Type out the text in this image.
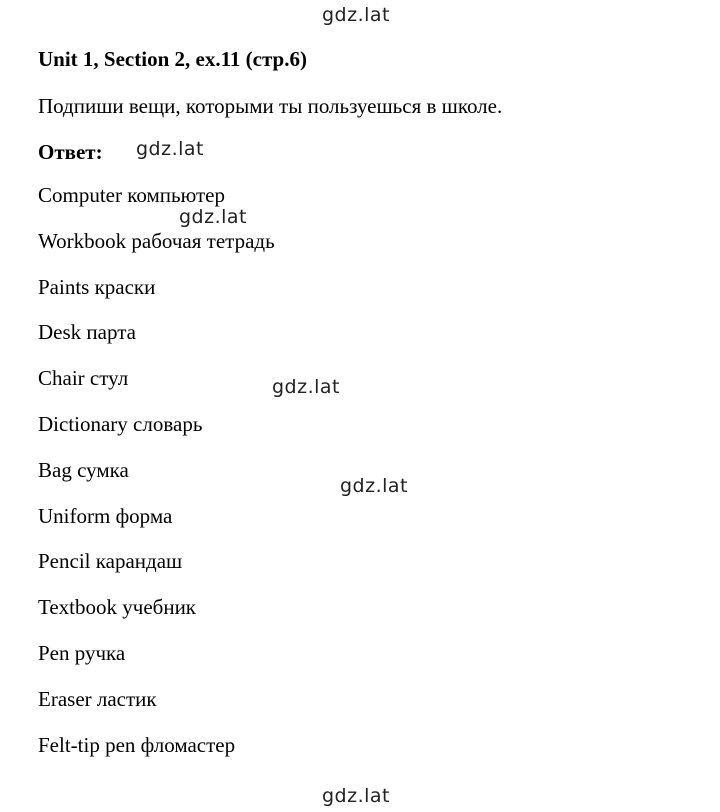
gdz.lat
gdz.lat
gdz.lat
gdz.lat
gdz.lat
gdz.lat
Unit 1, Section 2, ex.11 (стр.6)
Подпиши вещи, которыми ты пользуешься в школе.
Ответ:
Computer компьютер
Workbook рабочая тетрадь
Paints краски
Desk парта
Chair стул
Dictionary словарь
Bag сумка
Uniform форма
Pencil карандаш
Textbook учебник
Pen ручка
Eraser ластик
Felt-tip pen фломастер
